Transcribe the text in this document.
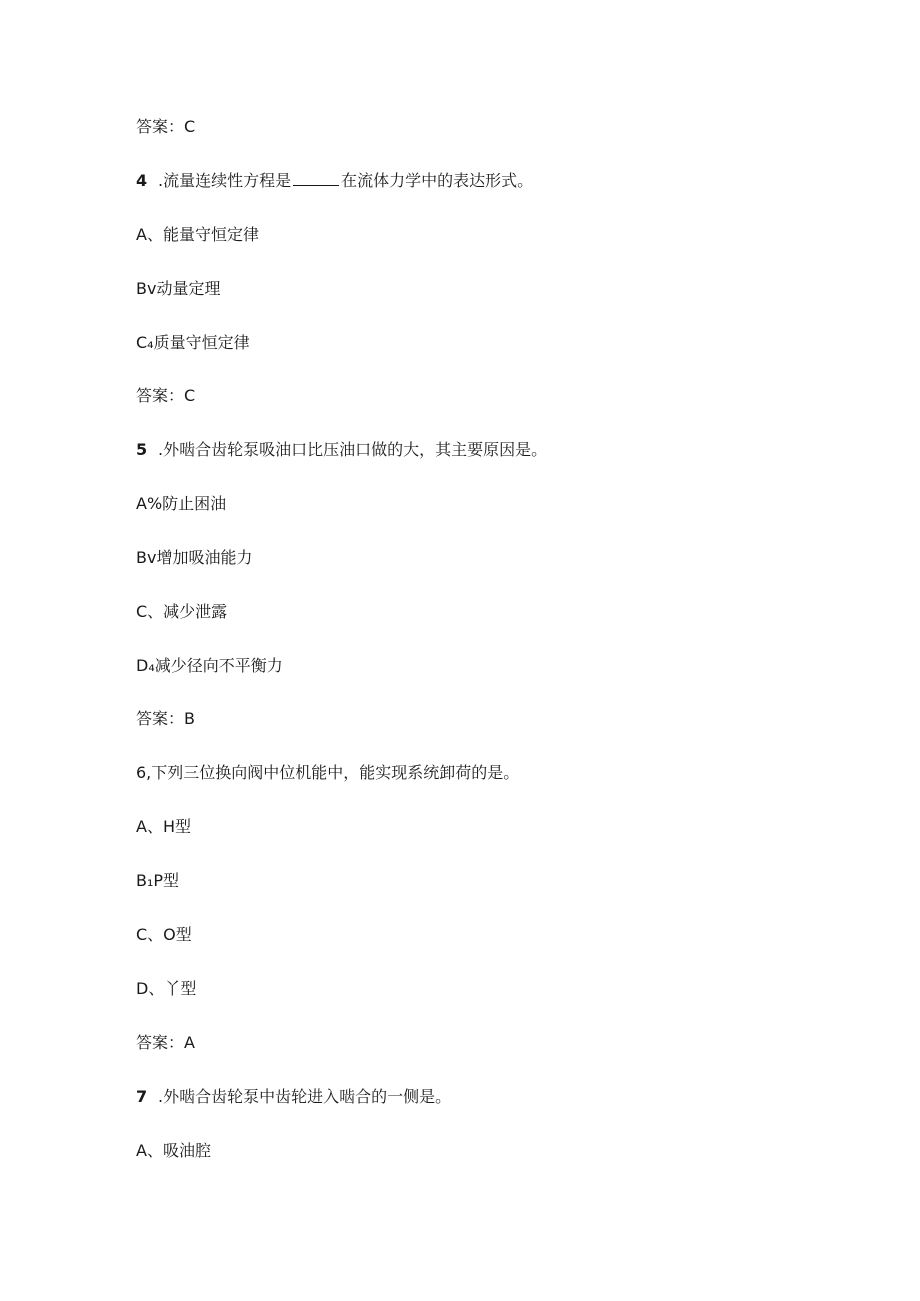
答案：C
4 .流量连续性方程是	在流体力学中的表达形式。
A、能量守恒定律
Bv动量定理
C₄质量守恒定律
答案：C
5 .外啮合齿轮泵吸油口比压油口做的大，其主要原因是。
A%防止困油
Bv增加吸油能力
C、减少泄露
D₄减少径向不平衡力
答案：B
6,下列三位换向阀中位机能中，能实现系统卸荷的是。
A、H型
B₁P型
C、O型
D、丫型
答案：A
7 .外啮合齿轮泵中齿轮进入啮合的一侧是。
A、吸油腔
